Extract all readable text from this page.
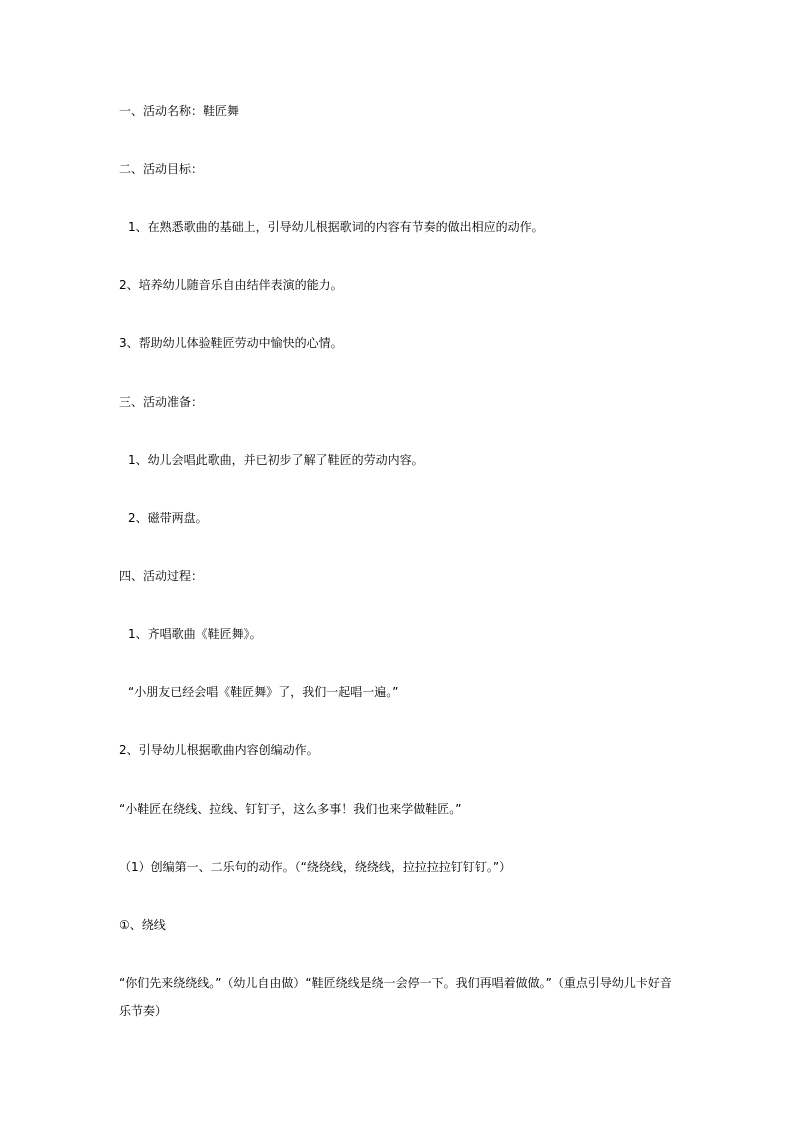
一、活动名称：鞋匠舞

二、活动目标：

1、在熟悉歌曲的基础上，引导幼儿根据歌词的内容有节奏的做出相应的动作。

2、培养幼儿随音乐自由结伴表演的能力。

3、帮助幼儿体验鞋匠劳动中愉快的心情。

三、活动准备：

1、幼儿会唱此歌曲，并已初步了解了鞋匠的劳动内容。

2、磁带两盘。

四、活动过程：

1、齐唱歌曲《鞋匠舞》。

“小朋友已经会唱《鞋匠舞》了，我们一起唱一遍。”

2、引导幼儿根据歌曲内容创编动作。

“小鞋匠在绕线、拉线、钉钉子，这么多事！我们也来学做鞋匠。”

（1）创编第一、二乐句的动作。（“绕绕线，绕绕线，拉拉拉拉钉钉钉。”）

①、绕线

“你们先来绕绕线。”（幼儿自由做）“鞋匠绕线是绕一会停一下。我们再唱着做做。”（重点引导幼儿卡好音乐节奏）
